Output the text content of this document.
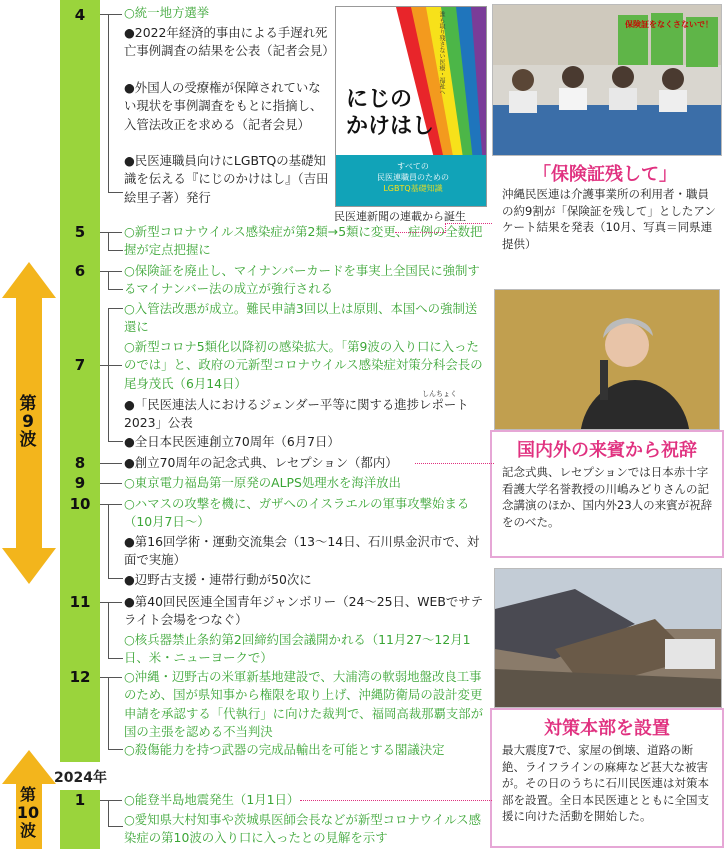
第
9
波
第
10
波
2024年
4
5
6
7
8
9
10
11
12
1
○統一地方選挙
●2022年経済的事由による手遅れ死亡事例調査の結果を公表（記者会見）
●外国人の受療権が保障されていない現状を事例調査をもとに指摘し、入管法改正を求める（記者会見）
●民医連職員向けにLGBTQの基礎知識を伝える『にじのかけはし』（吉田絵里子著）発行
○新型コロナウイルス感染症が第2類→5類に変更、症例の全数把握が定点把握に
○保険証を廃止し、マイナンバーカードを事実上全国民に強制するマイナンバー法の成立が強行される
○入管法改悪が成立。難民申請3回以上は原則、本国への強制送還に
○新型コロナ5類化以降初の感染拡大。「第9波の入り口に入ったのでは」と、政府の元新型コロナウイルス感染症対策分科会長の尾身茂氏（6月14日）
しんちょく
●「民医連法人におけるジェンダー平等に関する進捗レポート2023」公表
●全日本民医連創立70周年（6月7日）
●創立70周年の記念式典、レセプション（都内）
○東京電力福島第一原発のALPS処理水を海洋放出
○ハマスの攻撃を機に、ガザへのイスラエルの軍事攻撃始まる（10月7日～）
●第16回学術・運動交流集会（13～14日、石川県金沢市で、対面で実施）
●辺野古支援・連帯行動が50次に
●第40回民医連全国青年ジャンボリー（24～25日、WEBでサテライト会場をつなぐ）
○核兵器禁止条約第2回締約国会議開かれる（11月27～12月1日、米・ニューヨークで）
○沖縄・辺野古の米軍新基地建設で、大浦湾の軟弱地盤改良工事のため、国が県知事から権限を取り上げ、沖縄防衛局の設計変更申請を承認する「代執行」に向けた裁判で、福岡高裁那覇支部が国の主張を認める不当判決
○殺傷能力を持つ武器の完成品輸出を可能とする閣議決定
○能登半島地震発生（1月1日）
○愛知県大村知事や茨城県医師会長などが新型コロナウイルス感染症の第10波の入り口に入ったとの見解を示す
誰も取り残さない医療・福祉へ
にじの
かけはし
すべての
民医連職員のための
LGBTQ基礎知識
民医連新聞の連載から誕生
保険証をなくさないで！
「保険証残して」
沖縄民医連は介護事業所の利用者・職員の約9割が「保険証を残して」としたアンケート結果を発表（10月、写真＝同県連提供）
国内外の来賓から祝辞
記念式典、レセプションでは日本赤十字看護大学名誉教授の川嶋みどりさんの記念講演のほか、国内外23人の来賓が祝辞をのべた。
対策本部を設置
最大震度7で、家屋の倒壊、道路の断絶、ライフラインの麻痺など甚大な被害が。その日のうちに石川民医連は対策本部を設置。全日本民医連とともに全国支援に向けた活動を開始した。
